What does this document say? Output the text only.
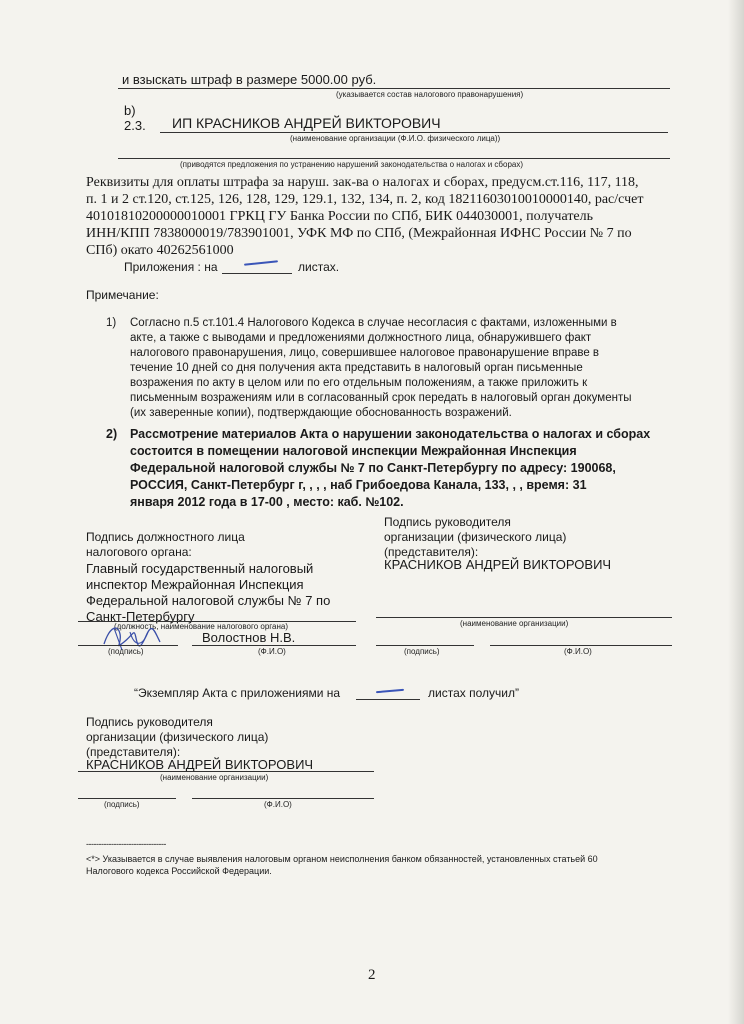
и взыскать штраф в размере 5000.00 руб.
(указывается состав налогового правонарушения)
b)
2.3. ИП КРАСНИКОВ АНДРЕЙ ВИКТОРОВИЧ
(наименование организации (Ф.И.О. физического лица))
(приводятся предложения по устранению нарушений законодательства о налогах и сборах)
Реквизиты для оплаты штрафа за наруш. зак-ва о налогах и сборах, предусм.ст.116, 117, 118,
п. 1 и 2 ст.120, ст.125, 126, 128, 129, 129.1, 132, 134, п. 2, код 18211603010010000140, рас/счет
40101810200000010001 ГРКЦ ГУ Банка России по СПб, БИК 044030001, получатель
ИНН/КПП 7838000019/783901001, УФК МФ по СПб, (Межрайонная ИФНС России № 7 по
СПб) окато 40262561000
Приложения : на	листах.
Примечание:
1) Согласно п.5 ст.101.4 Налогового Кодекса в случае несогласия с фактами, изложенными в
акте, а также с выводами и предложениями должностного лица, обнаружившего факт
налогового правонарушения, лицо, совершившее налоговое правонарушение вправе в
течение 10 дней со дня получения акта представить в налоговый орган письменные
возражения по акту в целом или по его отдельным положениям, а также приложить к
письменным возражениям или в согласованный срок передать в налоговый орган документы
(их заверенные копии), подтверждающие обоснованность возражений.
2) Рассмотрение материалов Акта о нарушении законодательства о налогах и сборах
состоится в помещении налоговой инспекции Межрайонная Инспекция
Федеральной налоговой службы № 7 по Санкт-Петербургу по адресу: 190068,
РОССИЯ, Санкт-Петербург г, , , , наб Грибоедова Канала, 133, , , время: 31
января 2012 года в 17-00 , место: каб. №102.
Подпись должностного лица
налогового органа:
Главный государственный налоговый
инспектор Межрайонная Инспекция
Федеральной налоговой службы № 7 по
Санкт-Петербургу
(должность, наименование налогового органа)
Волостнов Н.В.
(подпись)	(Ф.И.О)
Подпись руководителя
организации (физического лица)
(представителя):
КРАСНИКОВ АНДРЕЙ ВИКТОРОВИЧ
(наименование организации)
(подпись)	(Ф.И.О)
“Экземпляр Акта с приложениями на	листах получил”
Подпись руководителя
организации (физического лица)
(представителя):
КРАСНИКОВ АНДРЕЙ ВИКТОРОВИЧ
(наименование организации)
(подпись)	(Ф.И.О)
--------------------------------
<*> Указывается в случае выявления налоговым органом неисполнения банком обязанностей, установленных статьей 60
Налогового кодекса Российской Федерации.
2
